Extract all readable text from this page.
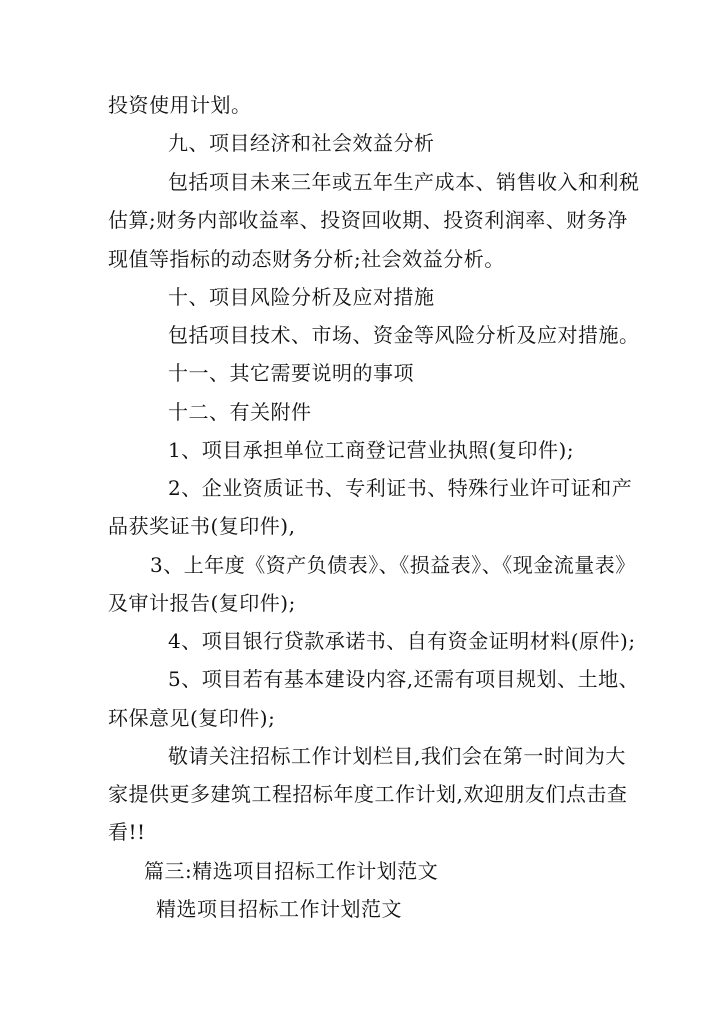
投资使用计划。
九、项目经济和社会效益分析
包括项目未来三年或五年生产成本、销售收入和利税
估算;财务内部收益率、投资回收期、投资利润率、财务净
现值等指标的动态财务分析;社会效益分析。
十、项目风险分析及应对措施
包括项目技术、市场、资金等风险分析及应对措施。
十一、其它需要说明的事项
十二、有关附件
1、项目承担单位工商登记营业执照(复印件);
2、企业资质证书、专利证书、特殊行业许可证和产
品获奖证书(复印件),
3、上年度《资产负债表》、《损益表》、《现金流量表》
及审计报告(复印件);
4、项目银行贷款承诺书、自有资金证明材料(原件);
5、项目若有基本建设内容,还需有项目规划、土地、
环保意见(复印件);
敬请关注招标工作计划栏目,我们会在第一时间为大
家提供更多建筑工程招标年度工作计划,欢迎朋友们点击查
看!!
篇三:精选项目招标工作计划范文
精选项目招标工作计划范文
